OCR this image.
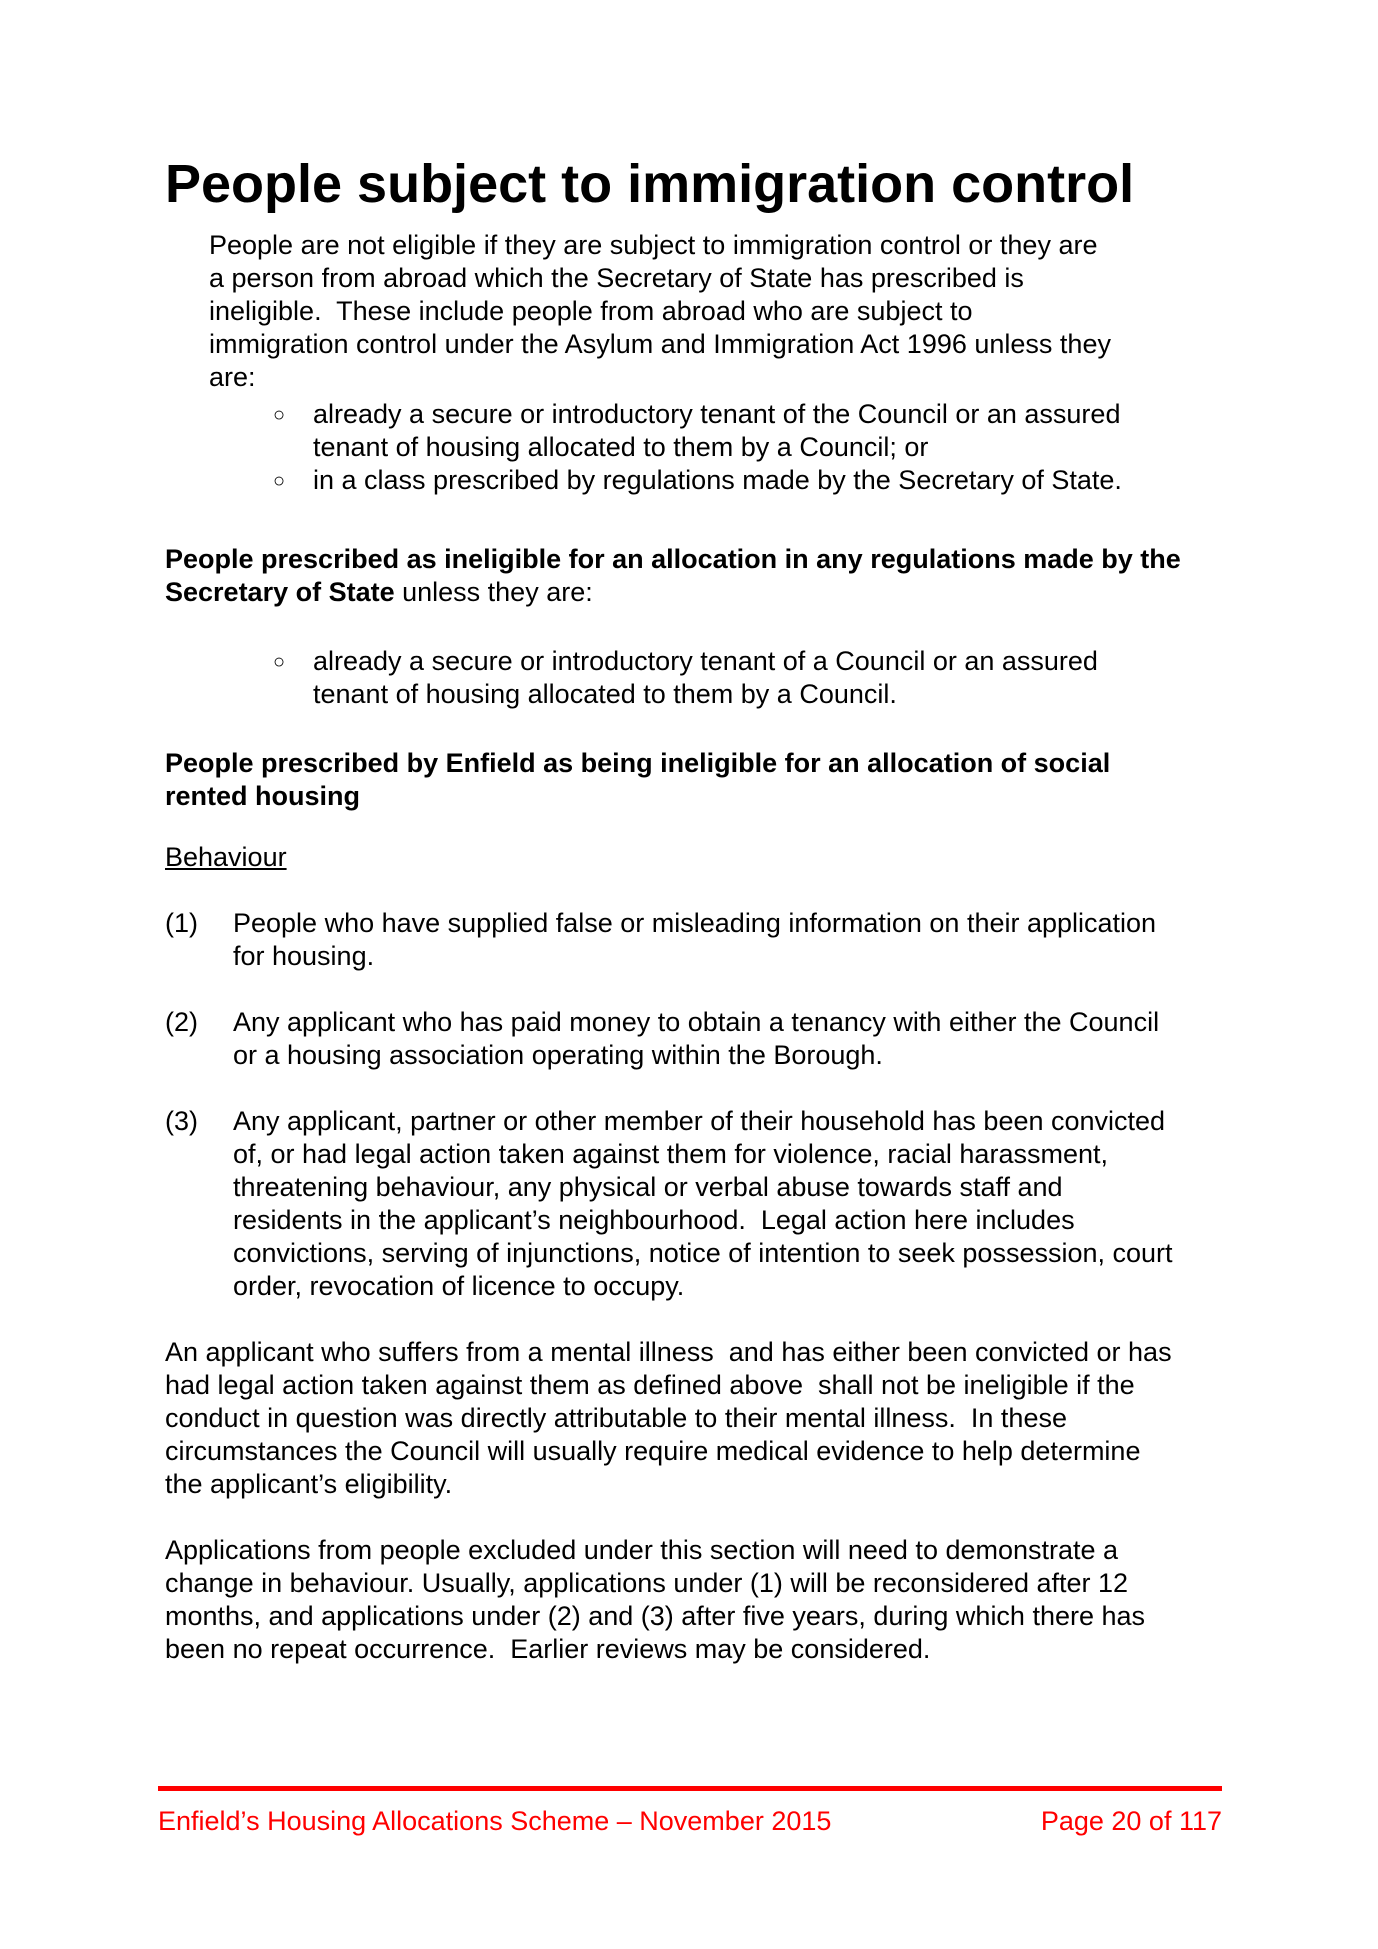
People subject to immigration control

People are not eligible if they are subject to immigration control or they are
a person from abroad which the Secretary of State has prescribed is
ineligible.  These include people from abroad who are subject to
immigration control under the Asylum and Immigration Act 1996 unless they
are:

○	already a secure or introductory tenant of the Council or an assured
tenant of housing allocated to them by a Council; or
○	in a class prescribed by regulations made by the Secretary of State.

People prescribed as ineligible for an allocation in any regulations made by the
Secretary of State unless they are:

○	already a secure or introductory tenant of a Council or an assured
tenant of housing allocated to them by a Council.

People prescribed by Enfield as being ineligible for an allocation of social
rented housing

Behaviour

(1)	People who have supplied false or misleading information on their application
for housing.
(2)	Any applicant who has paid money to obtain a tenancy with either the Council
or a housing association operating within the Borough.
(3)	Any applicant, partner or other member of their household has been convicted
of, or had legal action taken against them for violence, racial harassment,
threatening behaviour, any physical or verbal abuse towards staff and
residents in the applicant’s neighbourhood.  Legal action here includes
convictions, serving of injunctions, notice of intention to seek possession, court
order, revocation of licence to occupy.

An applicant who suffers from a mental illness  and has either been convicted or has
had legal action taken against them as defined above  shall not be ineligible if the
conduct in question was directly attributable to their mental illness.  In these
circumstances the Council will usually require medical evidence to help determine
the applicant’s eligibility.

Applications from people excluded under this section will need to demonstrate a
change in behaviour. Usually, applications under (1) will be reconsidered after 12
months, and applications under (2) and (3) after five years, during which there has
been no repeat occurrence.  Earlier reviews may be considered.

Enfield’s Housing Allocations Scheme – November 2015	Page 20 of 117
